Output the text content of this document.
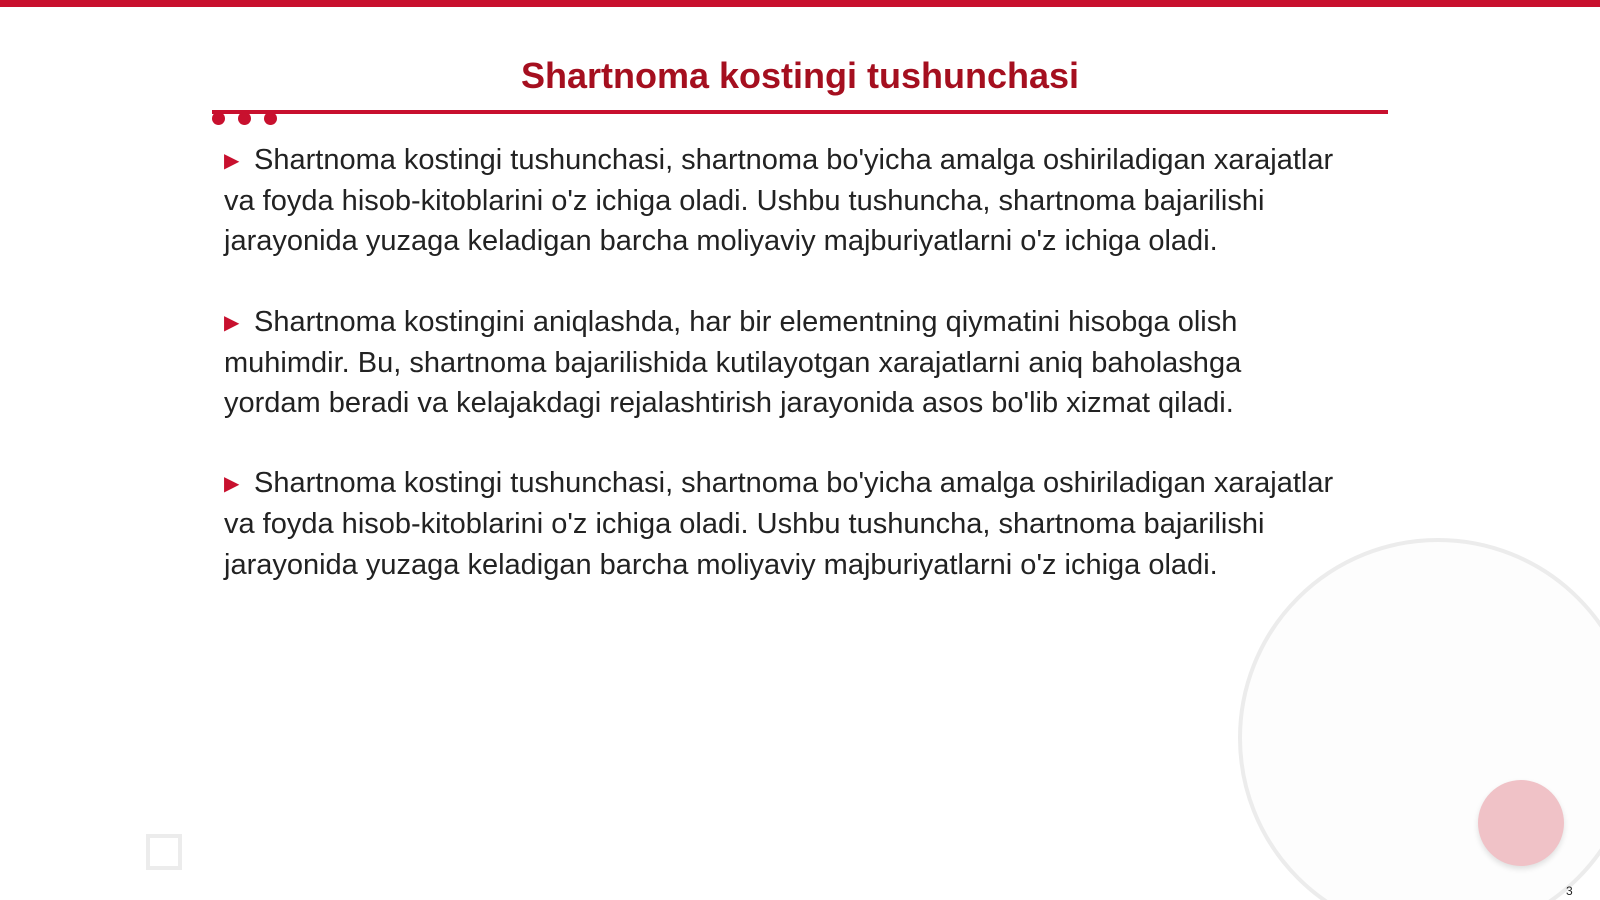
Shartnoma kostingi tushunchasi

▶ Shartnoma kostingi tushunchasi, shartnoma bo'yicha amalga oshiriladigan xarajatlar va foyda hisob-kitoblarini o'z ichiga oladi. Ushbu tushuncha, shartnoma bajarilishi jarayonida yuzaga keladigan barcha moliyaviy majburiyatlarni o'z ichiga oladi.

▶ Shartnoma kostingini aniqlashda, har bir elementning qiymatini hisobga olish muhimdir. Bu, shartnoma bajarilishida kutilayotgan xarajatlarni aniq baholashga yordam beradi va kelajakdagi rejalashtirish jarayonida asos bo'lib xizmat qiladi.

▶ Shartnoma kostingi tushunchasi, shartnoma bo'yicha amalga oshiriladigan xarajatlar va foyda hisob-kitoblarini o'z ichiga oladi. Ushbu tushuncha, shartnoma bajarilishi jarayonida yuzaga keladigan barcha moliyaviy majburiyatlarni o'z ichiga oladi.

3
